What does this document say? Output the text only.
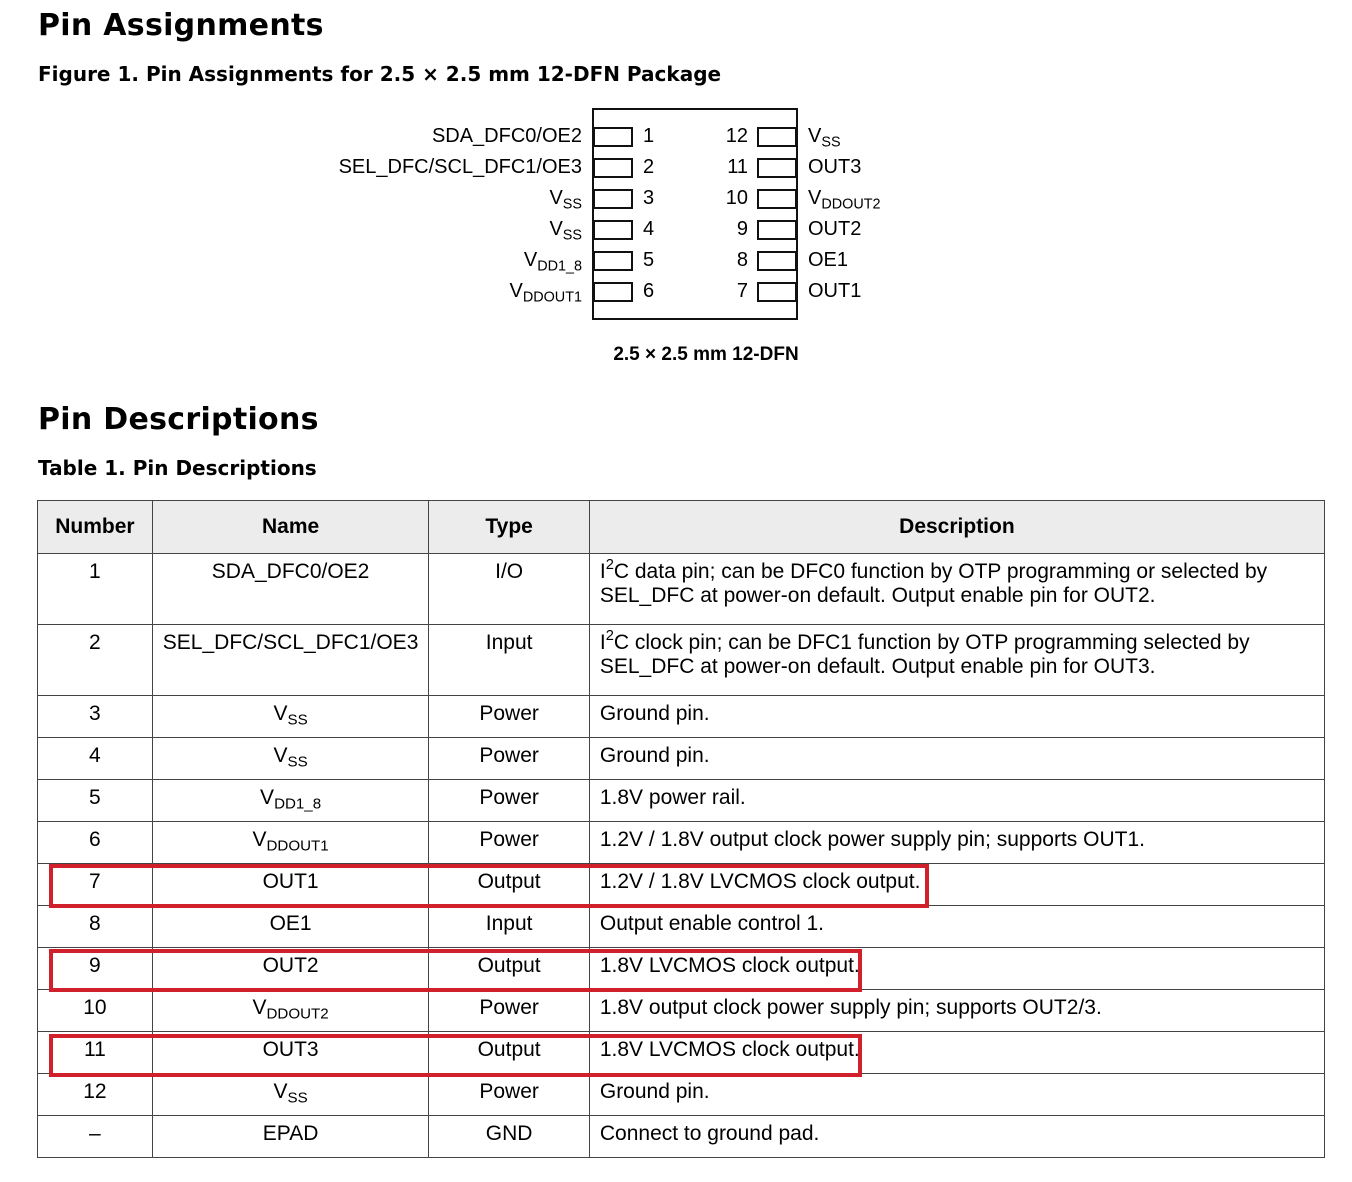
Pin Assignments
Figure 1. Pin Assignments for 2.5 × 2.5 mm 12-DFN Package
1
2
3
4
5
6
SDA_DFC0/OE2
SEL_DFC/SCL_DFC1/OE3
$V_{SS}$
$V_{SS}$
$V_{DD1\_8}$
$V_{DDOUT1}$
12
11
10
9
8
7
$V_{SS}$
OUT3
$V_{DDOUT2}$
OUT2
OE1
OUT1
2.5 × 2.5 mm 12-DFN
Pin Descriptions
Table 1. Pin Descriptions
Number	Name	Type	Description
1	SDA_DFC0/OE2	I/O	$I^2C$ data pin; can be DFC0 function by OTP programming or selected by SEL_DFC at power-on default. Output enable pin for OUT2.
2	SEL_DFC/SCL_DFC1/OE3	Input	$I^2C$ clock pin; can be DFC1 function by OTP programming selected by SEL_DFC at power-on default. Output enable pin for OUT3.
3	$V_{SS}$	Power	Ground pin.
4	$V_{SS}$	Power	Ground pin.
5	$V_{DD1\_8}$	Power	1.8V power rail.
6	$V_{DDOUT1}$	Power	1.2V / 1.8V output clock power supply pin; supports OUT1.
7	OUT1	Output	1.2V / 1.8V LVCMOS clock output.
8	OE1	Input	Output enable control 1.
9	OUT2	Output	1.8V LVCMOS clock output.
10	$V_{DDOUT2}$	Power	1.8V output clock power supply pin; supports OUT2/3.
11	OUT3	Output	1.8V LVCMOS clock output.
12	$V_{SS}$	Power	Ground pin.
–	EPAD	GND	Connect to ground pad.
